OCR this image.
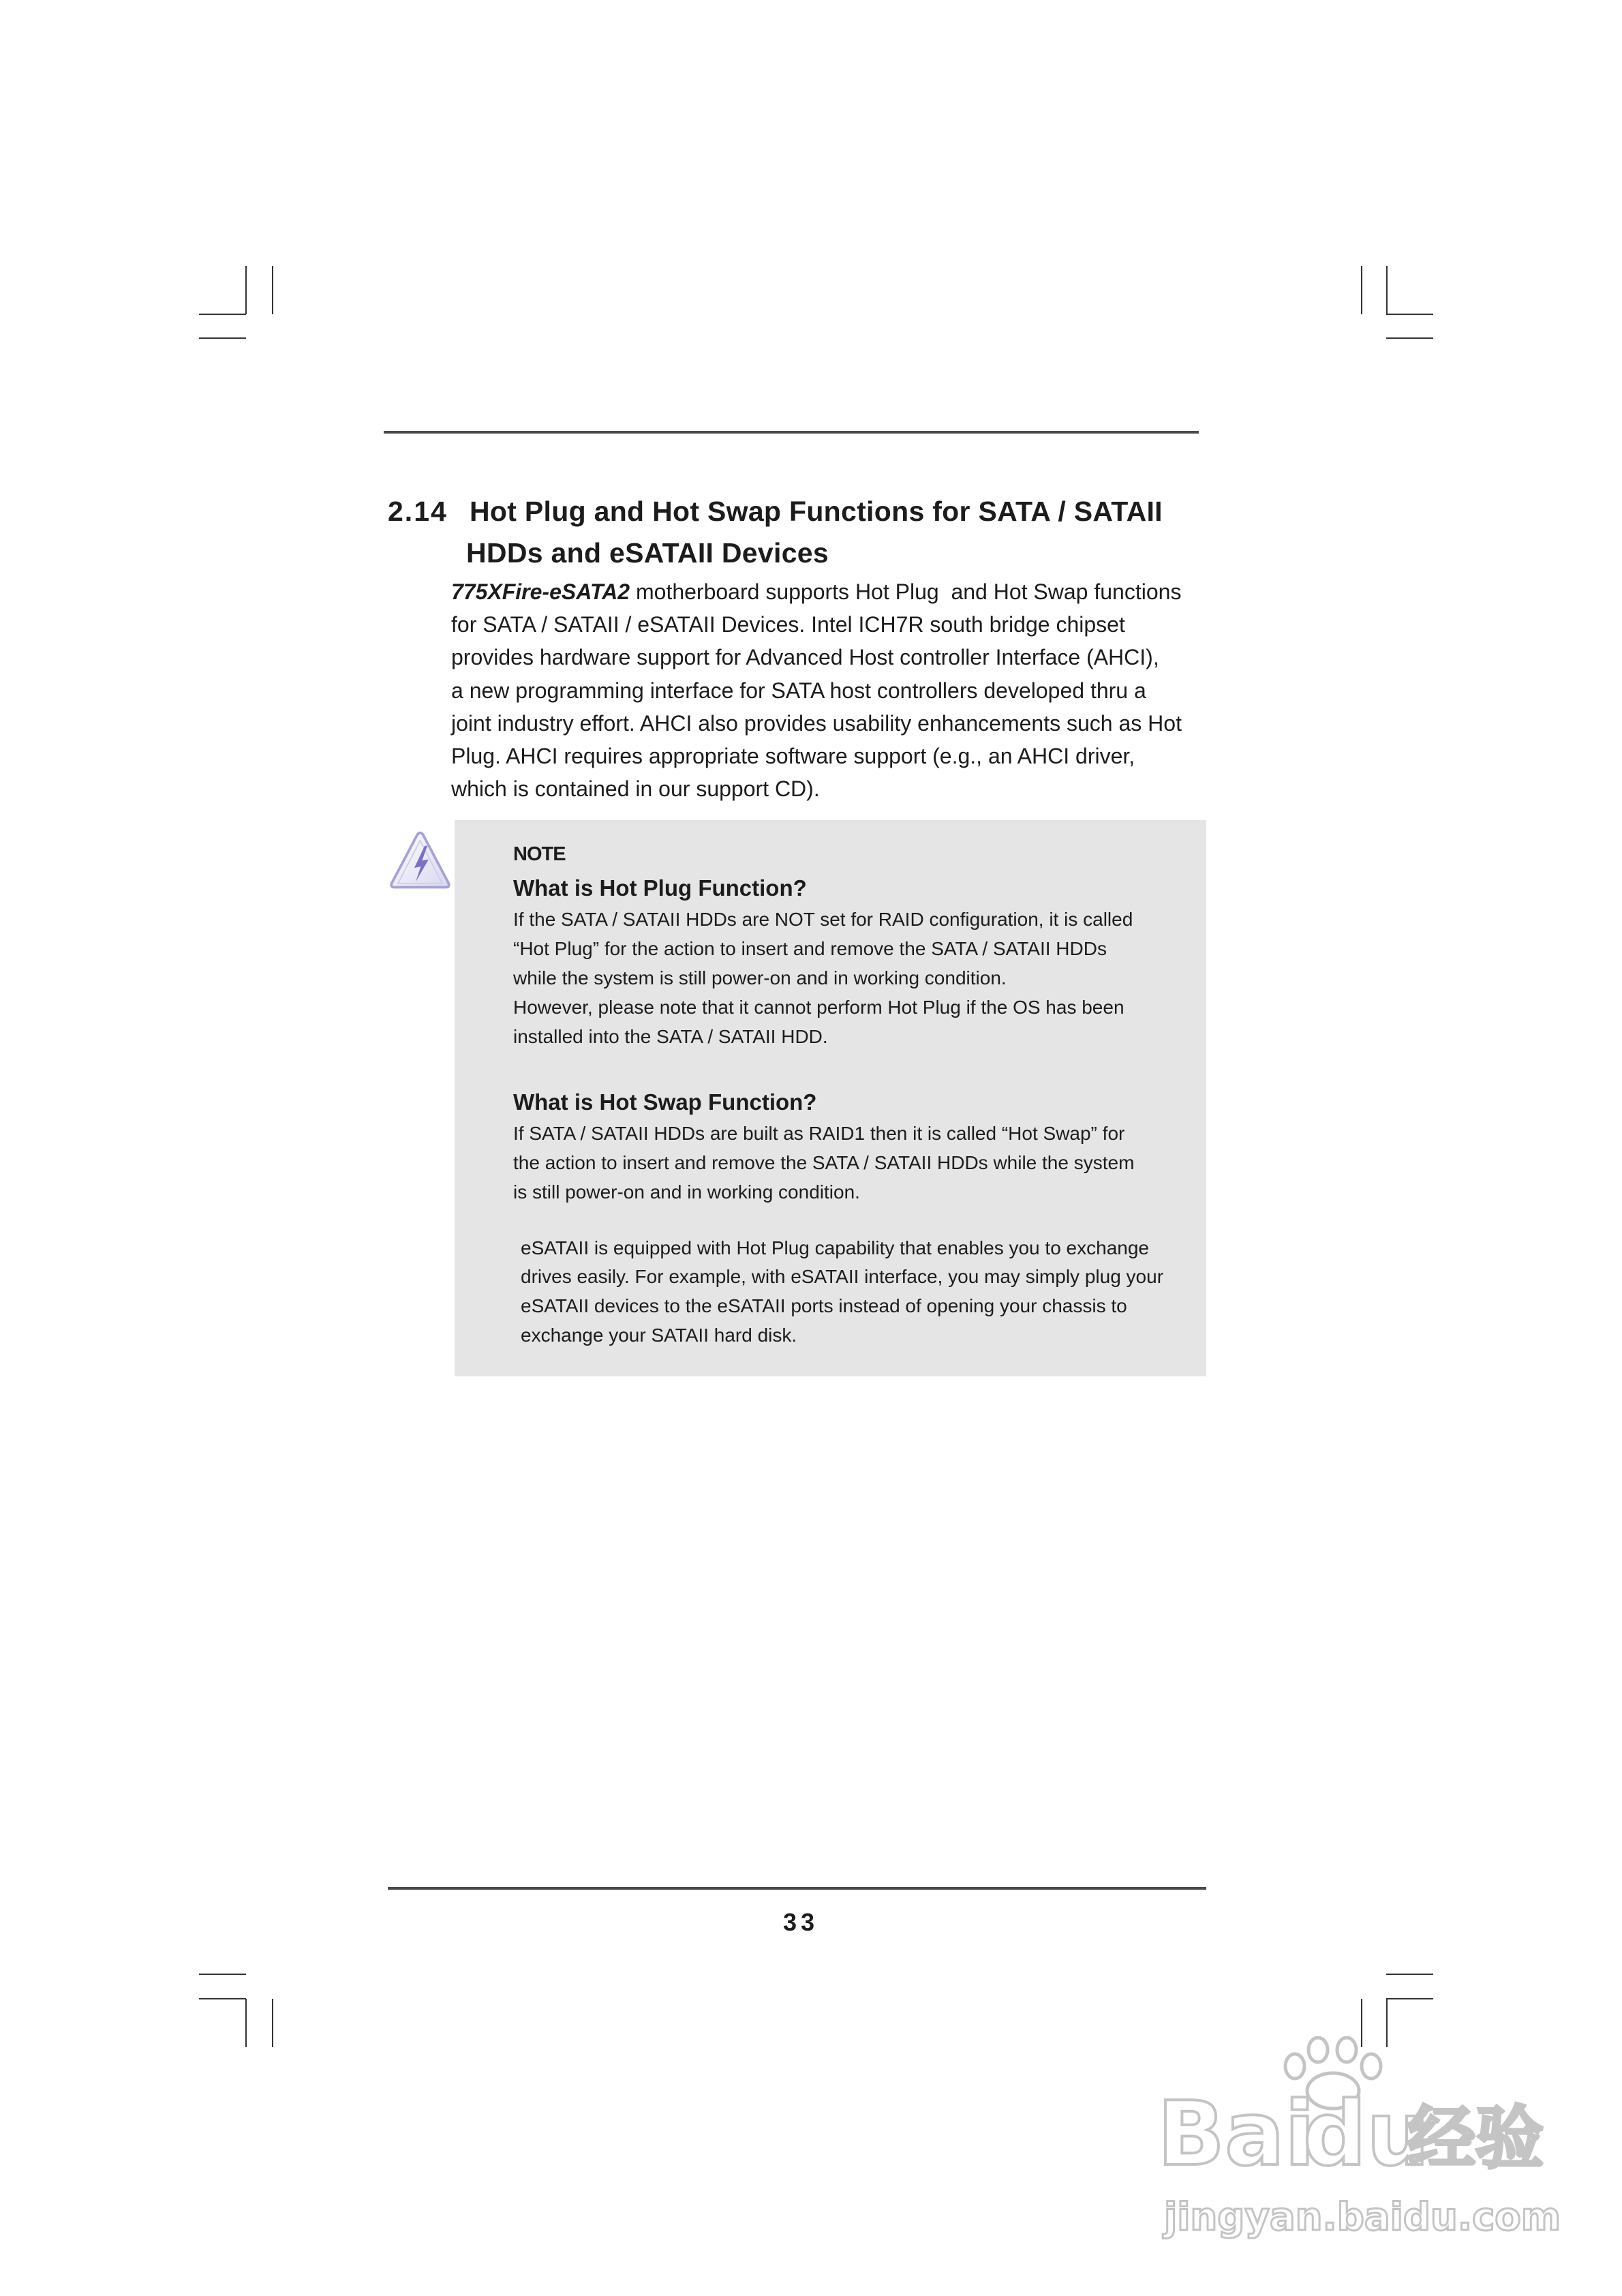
2.14 Hot Plug and Hot Swap Functions for SATA / SATAII
HDDs and eSATAII Devices
775XFire-eSATA2 motherboard supports Hot Plug  and Hot Swap functions
for SATA / SATAII / eSATAII Devices. Intel ICH7R south bridge chipset
provides hardware support for Advanced Host controller Interface (AHCI),
a new programming interface for SATA host controllers developed thru a
joint industry effort. AHCI also provides usability enhancements such as Hot
Plug. AHCI requires appropriate software support (e.g., an AHCI driver,
which is contained in our support CD).
NOTE
What is Hot Plug Function?
If the SATA / SATAII HDDs are NOT set for RAID configuration, it is called
“Hot Plug” for the action to insert and remove the SATA / SATAII HDDs
while the system is still power-on and in working condition.
However, please note that it cannot perform Hot Plug if the OS has been
installed into the SATA / SATAII HDD.
What is Hot Swap Function?
If SATA / SATAII HDDs are built as RAID1 then it is called “Hot Swap” for
the action to insert and remove the SATA / SATAII HDDs while the system
is still power-on and in working condition.
eSATAII is equipped with Hot Plug capability that enables you to exchange
drives easily. For example, with eSATAII interface, you may simply plug your
eSATAII devices to the eSATAII ports instead of opening your chassis to
exchange your SATAII hard disk.
33
Bai
du
经验
jingyan.baidu.com
